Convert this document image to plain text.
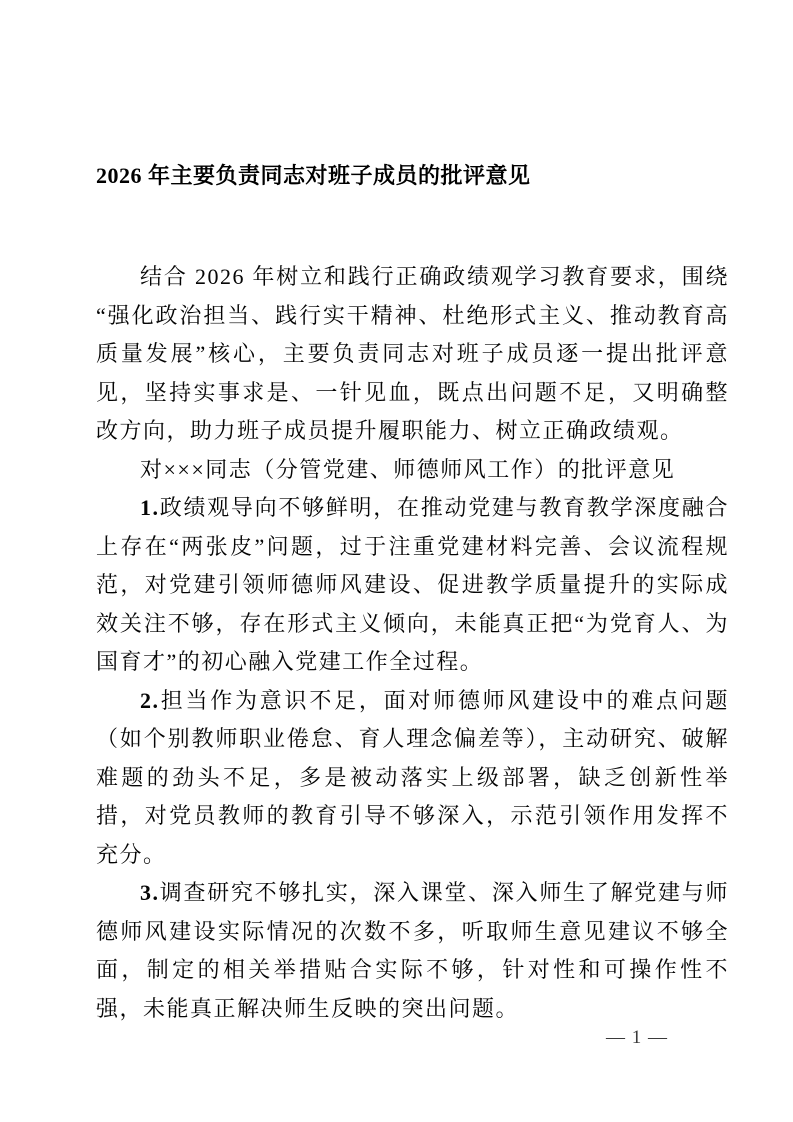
2026 年主要负责同志对班子成员的批评意见

结合 2026 年树立和践行正确政绩观学习教育要求，围绕“强化政治担当、践行实干精神、杜绝形式主义、推动教育高质量发展”核心，主要负责同志对班子成员逐一提出批评意见，坚持实事求是、一针见血，既点出问题不足，又明确整改方向，助力班子成员提升履职能力、树立正确政绩观。

对×××同志（分管党建、师德师风工作）的批评意见

1.政绩观导向不够鲜明，在推动党建与教育教学深度融合上存在“两张皮”问题，过于注重党建材料完善、会议流程规范，对党建引领师德师风建设、促进教学质量提升的实际成效关注不够，存在形式主义倾向，未能真正把“为党育人、为国育才”的初心融入党建工作全过程。

2.担当作为意识不足，面对师德师风建设中的难点问题（如个别教师职业倦怠、育人理念偏差等），主动研究、破解难题的劲头不足，多是被动落实上级部署，缺乏创新性举措，对党员教师的教育引导不够深入，示范引领作用发挥不充分。

3.调查研究不够扎实，深入课堂、深入师生了解党建与师德师风建设实际情况的次数不多，听取师生意见建议不够全面，制定的相关举措贴合实际不够，针对性和可操作性不强，未能真正解决师生反映的突出问题。

— 1 —
